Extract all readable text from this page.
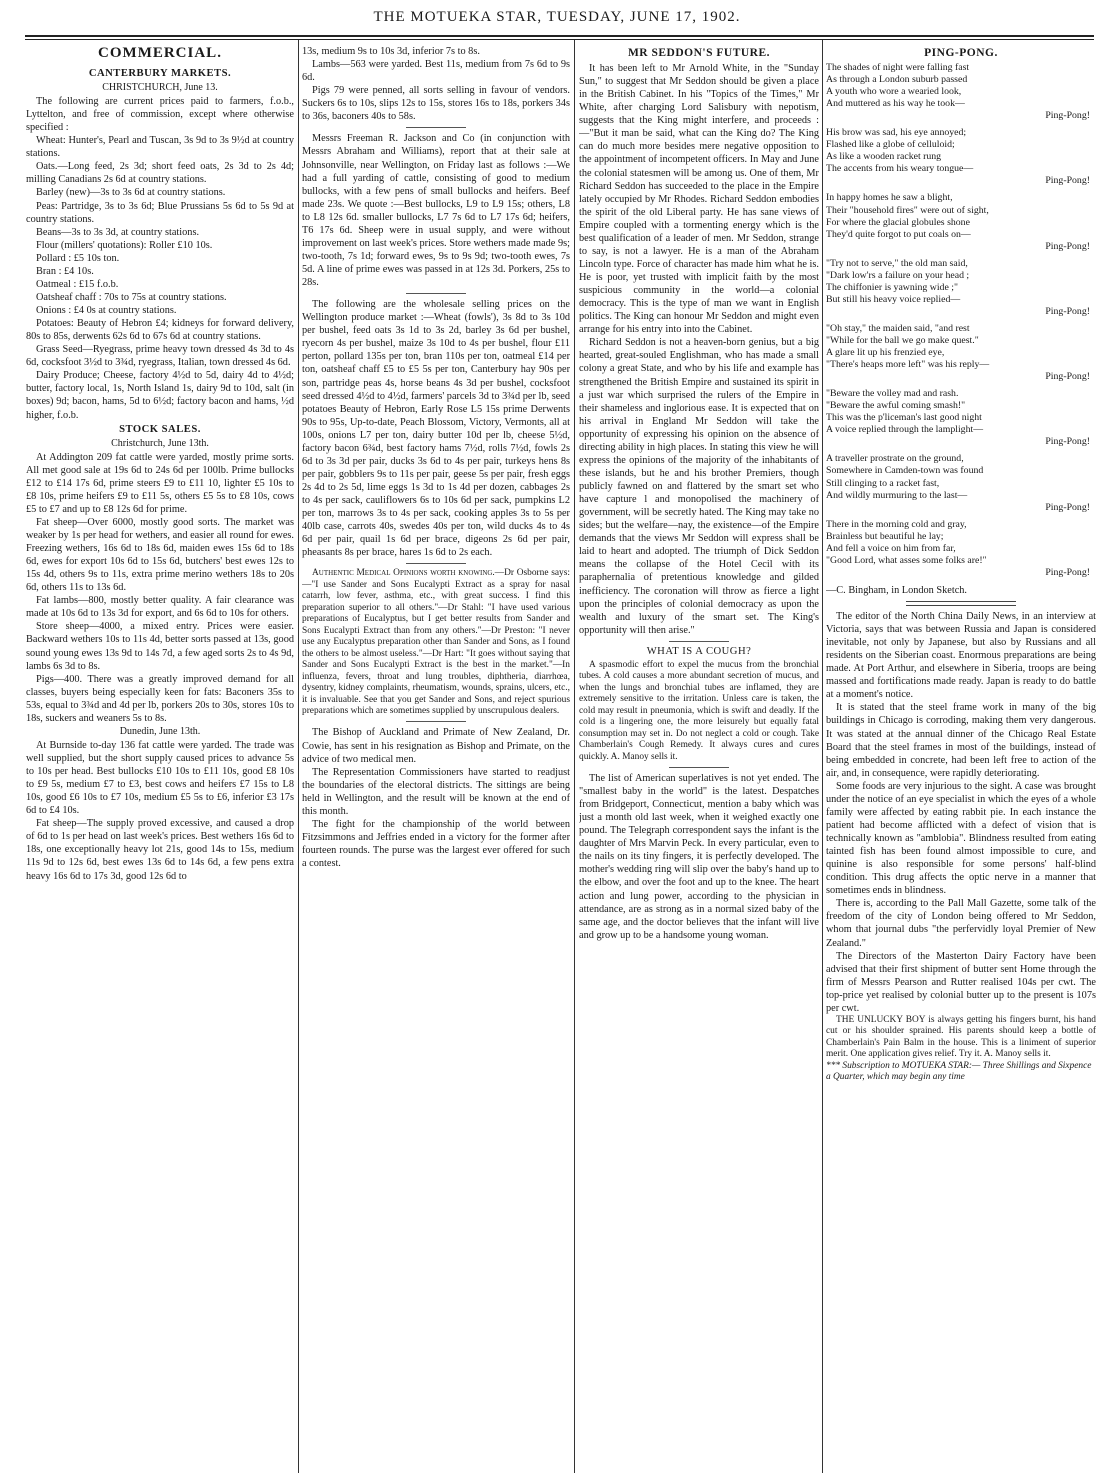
THE MOTUEKA STAR, TUESDAY, JUNE 17, 1902.
COMMERCIAL.
CANTERBURY MARKETS.
CHRISTCHURCH, June 13.

The following are current prices paid to farmers, f.o.b., Lyttelton, and free of commission, except where otherwise specified :

Wheat: Hunter's, Pearl and Tuscan, 3s 9d to 3s 9½d at country stations.

Oats.—Long feed, 2s 3d; short feed oats, 2s 3d to 2s 4d; milling Canadians 2s 6d at country stations.

Barley (new)—3s to 3s 6d at country stations.

Peas: Partridge, 3s to 3s 6d; Blue Prussians 5s 6d to 5s 9d at country stations.

Beans—3s to 3s 3d, at country stations.

Flour (millers' quotations): Roller £10 10s.

Pollard : £5 10s ton.

Bran : £4 10s.

Oatmeal : £15 f.o.b.

Oatsheaf chaff : 70s to 75s at country stations.

Onions : £4 0s at country stations.

Potatoes: Beauty of Hebron £4; kidneys for forward delivery, 80s to 85s, derwents 62s 6d to 67s 6d at country stations.

Grass Seed—Ryegrass, prime heavy town dressed 4s 3d to 4s 6d, cocksfoot 3½d to 3¾d, ryegrass, Italian, town dressed 4s 6d.

Dairy Produce; Cheese, factory 4½d to 5d, dairy 4d to 4½d; butter, factory local, 1s, North Island 1s, dairy 9d to 10d, salt (in boxes) 9d; bacon, hams, 5d to 6½d; factory bacon and hams, ½d higher, f.o.b.

STOCK SALES.
Christchurch, June 13th.

At Addington 209 fat cattle were yarded, mostly prime sorts. All met good sale at 19s 6d to 24s 6d per 100lb. Prime bullocks £12 to £14 17s 6d, prime steers £9 to £11 10, lighter £5 10s to £8 10s, prime heifers £9 to £11 5s, others £5 5s to £8 10s, cows £5 to £7 and up to £8 12s 6d for prime.

Fat sheep—Over 6000, mostly good sorts. The market was weaker by 1s per head for wethers, and easier all round for ewes. Freezing wethers, 16s 6d to 18s 6d, maiden ewes 15s 6d to 18s 6d, ewes for export 10s 6d to 15s 6d, butchers' best ewes 12s to 15s 4d, others 9s to 11s, extra prime merino wethers 18s to 20s 6d, others 11s to 13s 6d.

Fat lambs—800, mostly better quality. A fair clearance was made at 10s 6d to 13s 3d for export, and 6s 6d to 10s for others.

Store sheep—4000, a mixed entry. Prices were easier. Backward wethers 10s to 11s 4d, better sorts passed at 13s, good sound young ewes 13s 9d to 14s 7d, a few aged sorts 2s to 4s 9d, lambs 6s 3d to 8s.

Pigs—400. There was a greatly improved demand for all classes, buyers being especially keen for fats: Baconers 35s to 53s, equal to 3¾d and 4d per lb, porkers 20s to 30s, stores 10s to 18s, suckers and weaners 5s to 8s.

Dunedin, June 13th.

At Burnside to-day 136 fat cattle were yarded. The trade was well supplied, but the short supply caused prices to advance 5s to 10s per head. Best bullocks £10 10s to £11 10s, good £8 10s to £9 5s, medium £7 to £3, best cows and heifers £7 15s to L8 10s, good £6 10s to £7 10s, medium £5 5s to £6, inferior £3 17s 6d to £4 10s.

Fat sheep—The supply proved excessive, and caused a drop of 6d to 1s per head on last week's prices. Best wethers 16s 6d to 18s, one exceptionally heavy lot 21s, good 14s to 15s, medium 11s 9d to 12s 6d, best ewes 13s 6d to 14s 6d, a few pens extra heavy 16s 6d to 17s 3d, good 12s 6d to

13s, medium 9s to 10s 3d, inferior 7s to 8s.

Lambs—563 were yarded. Best 11s, medium from 7s 6d to 9s 6d.

Pigs 79 were penned, all sorts selling in favour of vendors. Suckers 6s to 10s, slips 12s to 15s, stores 16s to 18s, porkers 34s to 36s, baconers 40s to 58s.

Messrs Freeman R. Jackson and Co (in conjunction with Messrs Abraham and Williams), report that at their sale at Johnsonville, near Wellington, on Friday last as follows :—We had a full yarding of cattle, consisting of good to medium bullocks, with a few pens of small bullocks and heifers. Beef made 23s. We quote :—Best bullocks, L9 to L9 15s; others, L8 to L8 12s 6d. smaller bullocks, L7 7s 6d to L7 17s 6d; heifers, T6 17s 6d. Sheep were in usual supply, and were without improvement on last week's prices. Store wethers made made 9s; two-tooth, 7s 1d; forward ewes, 9s to 9s 9d; two-tooth ewes, 7s 5d. A line of prime ewes was passed in at 12s 3d. Porkers, 25s to 28s.

The following are the wholesale selling prices on the Wellington produce market :—Wheat (fowls'), 3s 8d to 3s 10d per bushel, feed oats 3s 1d to 3s 2d, barley 3s 6d per bushel, ryecorn 4s per bushel, maize 3s 10d to 4s per bushel, flour £11 perton, pollard 135s per ton, bran 110s per ton, oatmeal £14 per ton, oatsheaf chaff £5 to £5 5s per ton, Canterbury hay 90s per son, partridge peas 4s, horse beans 4s 3d per bushel, cocksfoot seed dressed 4½d to 4½d, farmers' parcels 3d to 3¾d per lb, seed potatoes Beauty of Hebron, Early Rose L5 15s prime Derwents 90s to 95s, Up-to-date, Peach Blossom, Victory, Vermonts, all at 100s, onions L7 per ton, dairy butter 10d per lb, cheese 5½d, factory bacon 6¾d, best factory hams 7½d, rolls 7½d, fowls 2s 6d to 3s 3d per pair, ducks 3s 6d to 4s per pair, turkeys hens 8s per pair, gobblers 9s to 11s per pair, geese 5s per pair, fresh eggs 2s 4d to 2s 5d, lime eggs 1s 3d to 1s 4d per dozen, cabbages 2s to 4s per sack, cauliflowers 6s to 10s 6d per sack, pumpkins L2 per ton, marrows 3s to 4s per sack, cooking apples 3s to 5s per 40lb case, carrots 40s, swedes 40s per ton, wild ducks 4s to 4s 6d per pair, quail 1s 6d per brace, digeons 2s 6d per pair, pheasants 8s per brace, hares 1s 6d to 2s each.

Authentic Medical Opinions worth knowing.—Dr Osborne says:—"I use Sander and Sons Eucalypti Extract as a spray for nasal catarrh, low fever, asthma, etc., with great success. I find this preparation superior to all others."—Dr Stahl: "I have used various preparations of Eucalyptus, but I get better results from Sander and Sons Eucalypti Extract than from any others."—Dr Preston: "I never use any Eucalyptus preparation other than Sander and Sons, as I found the others to be almost useless."—Dr Hart: "It goes without saying that Sander and Sons Eucalypti Extract is the best in the market."—In influenza, fevers, throat and lung troubles, diphtheria, diarrhœa, dysentry, kidney complaints, rheumatism, wounds, sprains, ulcers, etc., it is invaluable. See that you get Sander and Sons, and reject spurious preparations which are sometimes supplied by unscrupulous dealers.

The Bishop of Auckland and Primate of New Zealand, Dr. Cowie, has sent in his resignation as Bishop and Primate, on the advice of two medical men.

The Representation Commissioners have started to readjust the boundaries of the electoral districts. The sittings are being held in Wellington, and the result will be known at the end of this month.

The fight for the championship of the world between Fitzsimmons and Jeffries ended in a victory for the former after fourteen rounds. The purse was the largest ever offered for such a contest.

MR SEDDON'S FUTURE.

It has been left to Mr Arnold White, in the "Sunday Sun," to suggest that Mr Seddon should be given a place in the British Cabinet. In his "Topics of the Times," Mr White, after charging Lord Salisbury with nepotism, suggests that the King might interfere, and proceeds :—"But it man be said, what can the King do? The King can do much more besides mere negative opposition to the appointment of incompetent officers. In May and June the colonial statesmen will be among us. One of them, Mr Richard Seddon has succeeded to the place in the Empire lately occupied by Mr Rhodes. Richard Seddon embodies the spirit of the old Liberal party. He has sane views of Empire coupled with a tormenting energy which is the best qualification of a leader of men. Mr Seddon, strange to say, is not a lawyer. He is a man of the Abraham Lincoln type. Force of character has made him what he is. He is poor, yet trusted with implicit faith by the most suspicious community in the world—a colonial democracy. This is the type of man we want in English politics. The King can honour Mr Seddon and might even arrange for his entry into into the Cabinet.

Richard Seddon is not a heaven-born genius, but a big hearted, great-souled Englishman, who has made a small colony a great State, and who by his life and example has strengthened the British Empire and sustained its spirit in a just war which surprised the rulers of the Empire in their shameless and inglorious ease. It is expected that on his arrival in England Mr Seddon will take the opportunity of expressing his opinion on the absence of directing ability in high places. In stating this view he will express the opinions of the majority of the inhabitants of these islands, but he and his brother Premiers, though publicly fawned on and flattered by the smart set who have capture l and monopolised the machinery of government, will be secretly hated. The King may take no sides; but the welfare—nay, the existence—of the Empire demands that the views Mr Seddon will express shall be laid to heart and adopted. The triumph of Dick Seddon means the collapse of the Hotel Cecil with its paraphernalia of pretentious knowledge and gilded inefficiency. The coronation will throw as fierce a light upon the principles of colonial democracy as upon the wealth and luxury of the smart set. The King's opportunity will then arise."

WHAT IS A COUGH?

A spasmodic effort to expel the mucus from the bronchial tubes. A cold causes a more abundant secretion of mucus, and when the lungs and bronchial tubes are inflamed, they are extremely sensitive to the irritation. Unless care is taken, the cold may result in pneumonia, which is swift and deadly. If the cold is a lingering one, the more leisurely but equally fatal consumption may set in. Do not neglect a cold or cough. Take Chamberlain's Cough Remedy. It always cures and cures quickly. A. Manoy sells it.

The list of American superlatives is not yet ended. The "smallest baby in the world" is the latest. Despatches from Bridgeport, Connecticut, mention a baby which was just a month old last week, when it weighed exactly one pound. The Telegraph correspondent says the infant is the daughter of Mrs Marvin Peck. In every particular, even to the nails on its tiny fingers, it is perfectly developed. The mother's wedding ring will slip over the baby's hand up to the elbow, and over the foot and up to the knee. The heart action and lung power, according to the physician in attendance, are as strong as in a normal sized baby of the same age, and the doctor believes that the infant will live and grow up to be a handsome young woman.

PING-PONG.

The shades of night were falling fast

As through a London suburb passed

A youth who wore a wearied look,

And muttered as his way he took—

Ping-Pong!

His brow was sad, his eye annoyed;

Flashed like a globe of celluloid;

As like a wooden racket rung

The accents from his weary tongue—

Ping-Pong!

In happy homes he saw a blight,

Their "household fires" were out of sight,

For where the glacial globules shone

They'd quite forgot to put coals on—

Ping-Pong!

"Try not to serve," the old man said,

"Dark low'rs a failure on your head ;

The chiffonier is yawning wide ;"

But still his heavy voice replied—

Ping-Pong!

"Oh stay," the maiden said, "and rest

"While for the ball we go make quest."

A glare lit up his frenzied eye,

"There's heaps more left" was his reply—

Ping-Pong!

"Beware the volley mad and rash.

"Beware the awful coming smash!"

This was the p'liceman's last good night

A voice replied through the lamplight—

Ping-Pong!

A traveller prostrate on the ground,

Somewhere in Camden-town was found

Still clinging to a racket fast,

And wildly murmuring to the last—

Ping-Pong!

There in the morning cold and gray,

Brainless but beautiful he lay;

And fell a voice on him from far,

"Good Lord, what asses some folks are!"

Ping-Pong!

—C. Bingham, in London Sketch.

The editor of the North China Daily News, in an interview at Victoria, says that was between Russia and Japan is considered inevitable, not only by Japanese, but also by Russians and all residents on the Siberian coast. Enormous preparations are being made. At Port Arthur, and elsewhere in Siberia, troops are being massed and fortifications made ready. Japan is ready to do battle at a moment's notice.

It is stated that the steel frame work in many of the big buildings in Chicago is corroding, making them very dangerous. It was stated at the annual dinner of the Chicago Real Estate Board that the steel frames in most of the buildings, instead of being embedded in concrete, had been left free to action of the air, and, in consequence, were rapidly deteriorating.

Some foods are very injurious to the sight. A case was brought under the notice of an eye specialist in which the eyes of a whole family were affected by eating rabbit pie. In each instance the patient had become afflicted with a defect of vision that is technically known as "amblobia". Blindness resulted from eating tainted fish has been found almost impossible to cure, and quinine is also responsible for some persons' half-blind condition. This drug affects the optic nerve in a manner that sometimes ends in blindness.

There is, according to the Pall Mall Gazette, some talk of the freedom of the city of London being offered to Mr Seddon, whom that journal dubs "the perfervidly loyal Premier of New Zealand."

The Directors of the Masterton Dairy Factory have been advised that their first shipment of butter sent Home through the firm of Messrs Pearson and Rutter realised 104s per cwt. The top-price yet realised by colonial butter up to the present is 107s per cwt.

THE UNLUCKY BOY is always getting his fingers burnt, his hand cut or his shoulder sprained. His parents should keep a bottle of Chamberlain's Pain Balm in the house. This is a liniment of superior merit. One application gives relief. Try it. A. Manoy sells it.

*** Subscription to MOTUEKA STAR:— Three Shillings and Sixpence a Quarter, which may begin any time
